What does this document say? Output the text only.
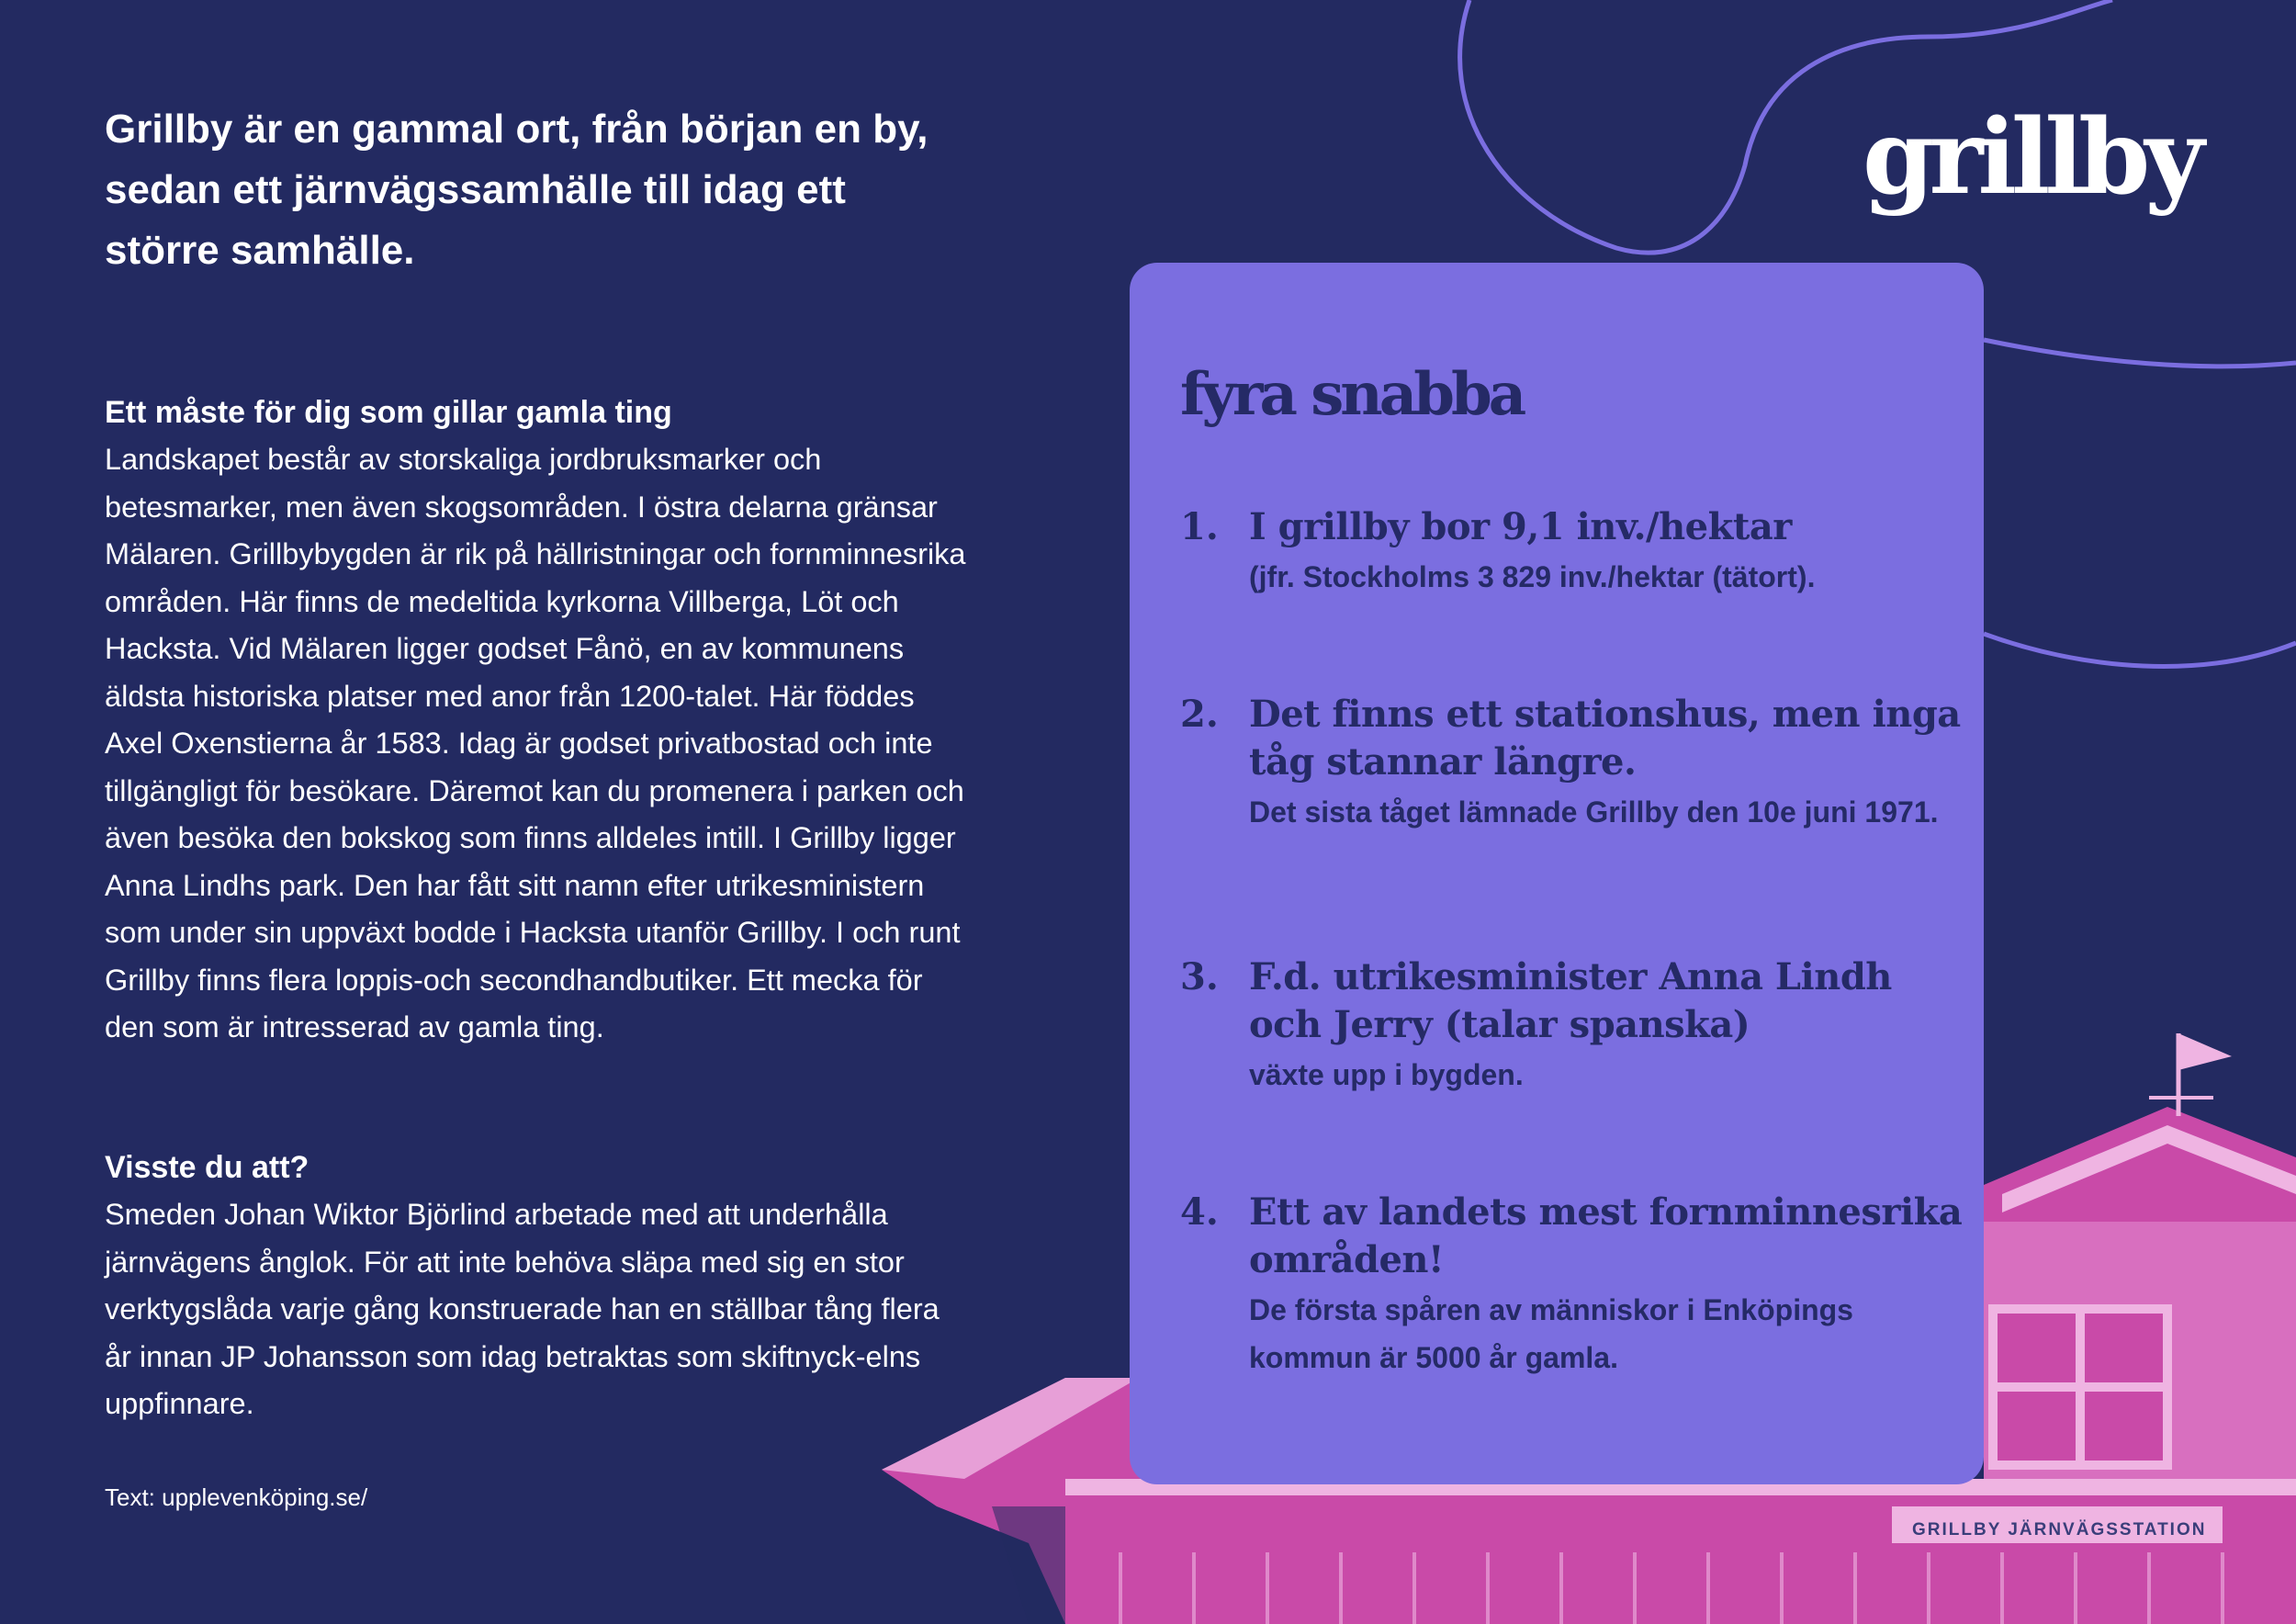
Grillby är en gammal ort, från början en by, sedan ett järnvägssamhälle till idag ett större samhälle.

Ett måste för dig som gillar gamla ting

Landskapet består av storskaliga jordbruksmarker och betesmarker, men även skogsområden. I östra delarna gränsar Mälaren. Grillbybygden är rik på hällristningar och fornminnesrika områden. Här finns de medeltida kyrkorna Villberga, Löt och Hacksta. Vid Mälaren ligger godset Fånö, en av kommunens äldsta historiska platser med anor från 1200-talet. Här föddes Axel Oxenstierna år 1583. Idag är godset privatbostad och inte tillgängligt för besökare. Däremot kan du promenera i parken och även besöka den bokskog som finns alldeles intill. I Grillby ligger Anna Lindhs park. Den har fått sitt namn efter utrikesministern som under sin uppväxt bodde i Hacksta utanför Grillby. I och runt Grillby finns flera loppis-och secondhandbutiker. Ett mecka för den som är intresserad av gamla ting.

Visste du att?

Smeden Johan Wiktor Björlind arbetade med att underhålla järnvägens ånglok. För att inte behöva släpa med sig en stor verktygslåda varje gång konstruerade han en ställbar tång flera år innan JP Johansson som idag betraktas som skiftnyck-elns uppfinnare.

Text: upplevenköping.se/

grillby
fyra snabba
1. I grillby bor 9,1 inv./hektar

(jfr. Stockholms 3 829 inv./hektar (tätort).

2. Det finns ett stationshus, men inga tåg stannar längre.

Det sista tåget lämnade Grillby den 10e juni 1971.

3. F.d. utrikesminister Anna Lindh och Jerry (talar spanska)

växte upp i bygden.

4. Ett av landets mest fornminnesrika områden!

De första spåren av människor i Enköpings kommun är 5000 år gamla.

GRILLBY JÄRNVÄGSSTATION
